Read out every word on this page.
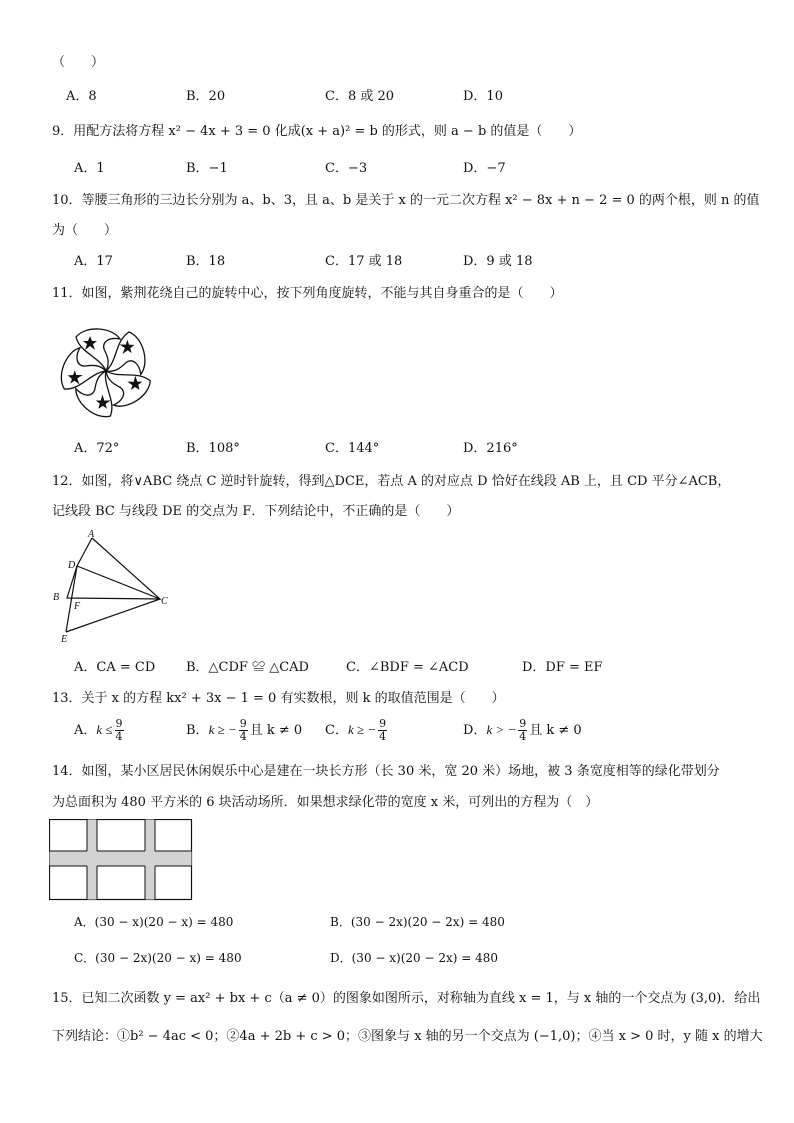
（　　）
A．8	B．20	C．8 或 20	D．10
9．用配方法将方程 x² − 4x + 3 = 0 化成(x + a)² = b 的形式，则 a − b 的值是（　　）
A．1	B．−1	C．−3	D．−7
10．等腰三角形的三边长分别为 a、b、3，且 a、b 是关于 x 的一元二次方程 x² − 8x + n − 2 = 0 的两个根，则 n 的值
为（　　）
A．17	B．18	C．17 或 18	D．9 或 18
11．如图，紫荆花绕自己的旋转中心，按下列角度旋转，不能与其自身重合的是（　　）
A．72°	B．108°	C．144°	D．216°
12．如图，将∨ABC 绕点 C 逆时针旋转，得到△DCE，若点 A 的对应点 D 恰好在线段 AB 上，且 CD 平分∠ACB，
记线段 BC 与线段 DE 的交点为 F．下列结论中，不正确的是（　　）
A
D
B
F	C
E
A．CA = CD B．△CDF ≌ △CAD	C．∠BDF = ∠ACD	D．DF = EF
13．关于 x 的方程 kx² + 3x − 1 = 0 有实数根，则 k 的取值范围是（　　）
A．$k \le \frac{9}{4}$	B．k ≥ − $\frac{9}{4}$ 且 k ≠ 0 C．k ≥ − $\frac{9}{4}$	D．k > − $\frac{9}{4}$ 且 k ≠ 0
14．如图，某小区居民休闲娱乐中心是建在一块长方形（长 30 米，宽 20 米）场地，被 3 条宽度相等的绿化带划分
为总面积为 480 平方米的 6 块活动场所．如果想求绿化带的宽度 x 米，可列出的方程为（　）
A．(30 − x)(20 − x) = 480	B．(30 − 2x)(20 − 2x) = 480
C．(30 − 2x)(20 − x) = 480	D．(30 − x)(20 − 2x) = 480
15．已知二次函数 y = ax² + bx + c（a ≠ 0）的图象如图所示，对称轴为直线 x = 1，与 x 轴的一个交点为 (3,0)．给出
下列结论：①b² − 4ac < 0；②4a + 2b + c > 0；③图象与 x 轴的另一个交点为 (−1,0)；④当 x > 0 时，y 随 x 的增大
